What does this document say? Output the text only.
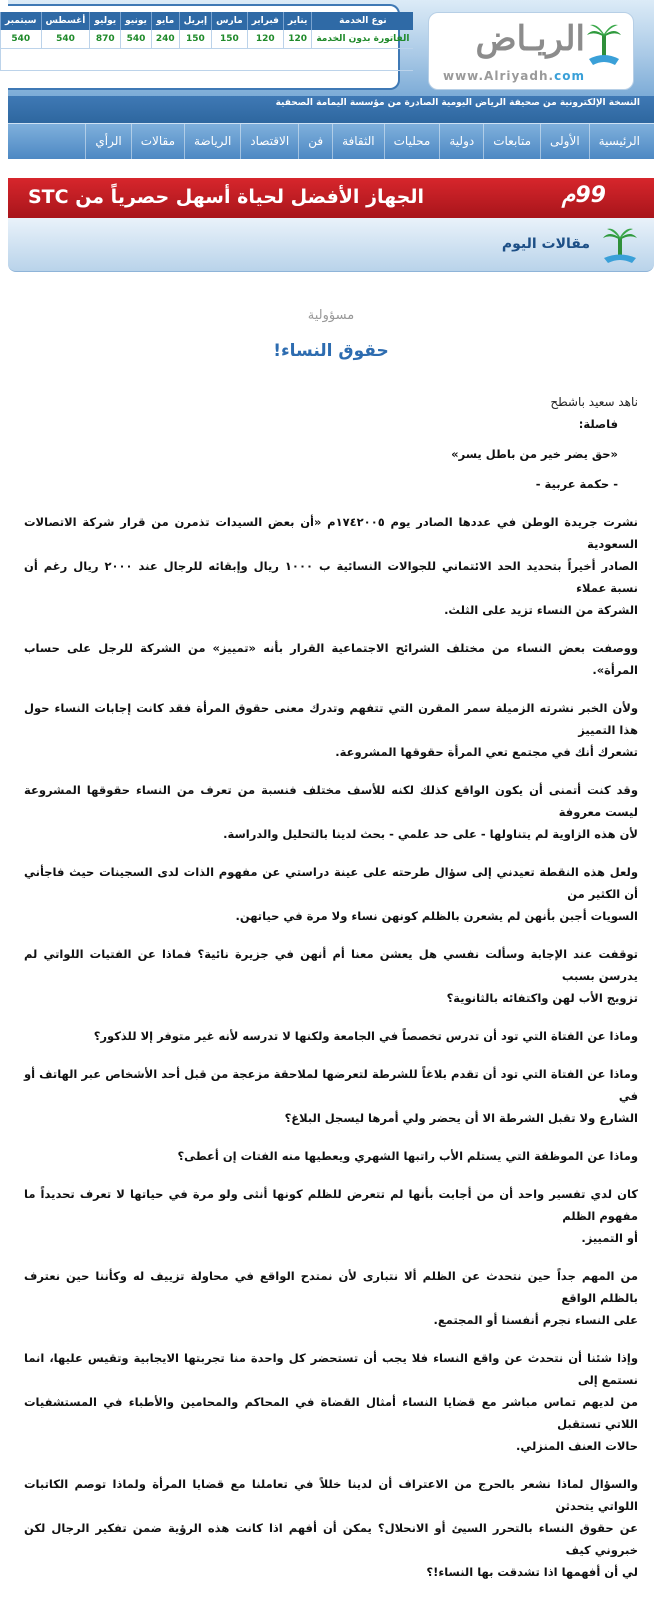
نوع الخدمة	يناير	فبراير	مارس	إبريل	مايو	يونيو	يوليو	أغسطس	سبتمبر
الفاتورة بدون الخدمة	120	120	150	150	240	540	870	540	540	الريـاض
www.Alriyadh.com
النسخة الإلكترونية من صحيفة الرياض اليومية الصادرة من مؤسسة اليمامة الصحفية
الرئيسية
الأولى
متابعات
دولية
محليات
الثقافة
فن
الاقتصاد
الرياضة
مقالات
الرأي
99م
الجهاز الأفضل لحياة أسهل حصرياً من STC
مقالات اليوم
مسؤولية
حقوق النساء!
ناهد سعيد باشطح
فاصلة:
«حق يضر خير من باطل يسر»
- حكمة عربية -
نشرت جريدة الوطن في عددها الصادر يوم ١٧٤٢٠٠٥م «أن بعض السيدات تذمرن من قرار شركة الاتصالات السعودية
الصادر أخيراً بتحديد الحد الائتماني للجوالات النسائية ب ١٠٠٠ ريال وإبقائه للرجال عند ٢٠٠٠ ريال رغم أن نسبة عملاء
الشركة من النساء تزيد على الثلث.
ووصفت بعض النساء من مختلف الشرائح الاجتماعية القرار بأنه «تمييز» من الشركة للرجل على حساب المرأة».
ولأن الخبر نشرته الزميلة سمر المقرن التي تتفهم وتدرك معنى حقوق المرأة فقد كانت إجابات النساء حول هذا التمييز
تشعرك أنك في مجتمع تعي المرأة حقوقها المشروعة.
وقد كنت أتمنى أن يكون الواقع كذلك لكنه للأسف مختلف فنسبة من تعرف من النساء حقوقها المشروعة ليست معروفة
لأن هذه الزاوية لم يتناولها - على حد علمي - بحث لدينا بالتحليل والدراسة.
ولعل هذه النقطة تعيدني إلى سؤال طرحته على عينة دراستي عن مفهوم الذات لدى السجينات حيث فاجأني أن الكثير من
السويات أجبن بأنهن لم يشعرن بالظلم كونهن نساء ولا مرة في حياتهن.
توقفت عند الإجابة وسألت نفسي هل يعشن معنا أم أنهن في جزيرة نائية؟ فماذا عن الفتيات اللواتي لم يدرسن بسبب
تزويج الأب لهن واكتفائه بالثانوية؟
وماذا عن الفتاة التي تود أن تدرس تخصصاً في الجامعة ولكنها لا تدرسه لأنه غير متوفر إلا للذكور؟
وماذا عن الفتاة التي تود أن تقدم بلاغاً للشرطة لتعرضها لملاحقة مزعجة من قبل أحد الأشخاص عبر الهاتف أو في
الشارع ولا تقبل الشرطة الا أن يحضر ولي أمرها ليسجل البلاغ؟
وماذا عن الموظفة التي يستلم الأب راتبها الشهري ويعطيها منه الفتات إن أعطى؟
كان لدي تفسير واحد أن من أجابت بأنها لم تتعرض للظلم كونها أنثى ولو مرة في حياتها لا تعرف تحديداً ما مفهوم الظلم
أو التمييز.
من المهم جداً حين نتحدث عن الظلم ألا نتبارى لأن نمتدح الواقع في محاولة تزييف له وكأننا حين نعترف بالظلم الواقع
على النساء نجرم أنفسنا أو المجتمع.
وإذا شئنا أن نتحدث عن واقع النساء فلا يجب أن تستحضر كل واحدة منا تجربتها الايجابية وتقيس عليها، انما نستمع إلى
من لديهم تماس مباشر مع قضايا النساء أمثال القضاة في المحاكم والمحامين والأطباء في المستشفيات اللاتي تستقبل
حالات العنف المنزلي.
والسؤال لماذا نشعر بالحرج من الاعتراف أن لدينا خللاً في تعاملنا مع قضايا المرأة ولماذا توصم الكاتبات اللواتي يتحدثن
عن حقوق النساء بالتحرر السيئ أو الانحلال؟ يمكن أن أفهم اذا كانت هذه الرؤية ضمن تفكير الرجال لكن خبروني كيف
لي أن أفهمها اذا تشدقت بها النساء!؟
